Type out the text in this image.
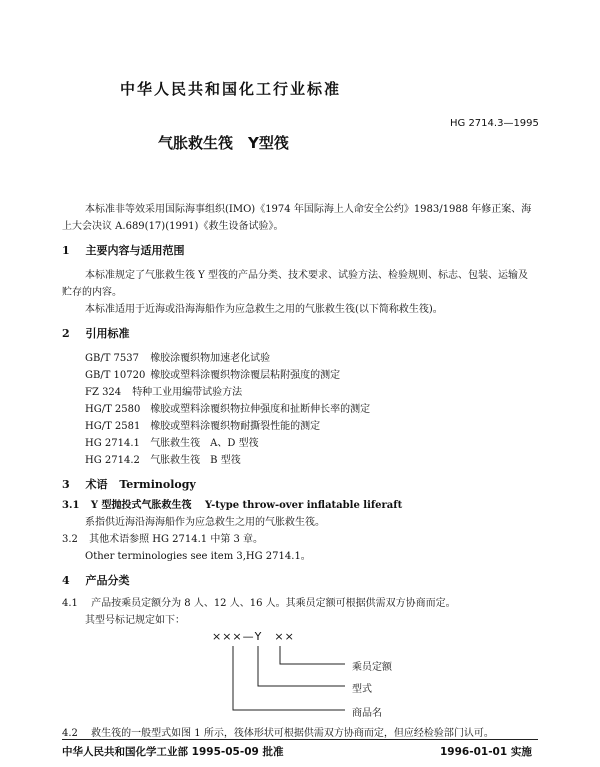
中华人民共和国化工行业标准
HG 2714.3—1995
气胀救生筏　Y型筏
本标准非等效采用国际海事组织(IMO)《1974 年国际海上人命安全公约》1983/1988 年修正案、海
上大会决议 A.689(17)(1991)《救生设备试验》。
1 主要内容与适用范围
本标准规定了气胀救生筏 Y 型筏的产品分类、技术要求、试验方法、检验规则、标志、包装、运输及
贮存的内容。
本标准适用于近海或沿海海船作为应急救生之用的气胀救生筏(以下简称救生筏)。
2 引用标准
GB/T 7537 橡胶涂覆织物加速老化试验
GB/T 10720 橡胶或塑料涂覆织物涂覆层粘附强度的测定
FZ 324 特种工业用编带试验方法
HG/T 2580 橡胶或塑料涂覆织物拉伸强度和扯断伸长率的测定
HG/T 2581 橡胶或塑料涂覆织物耐撕裂性能的测定
HG 2714.1 气胀救生筏　A、D 型筏
HG 2714.2 气胀救生筏　B 型筏
3 术语 Terminology
3.1 Y 型抛投式气胀救生筏 Y-type throw-over inflatable liferaft
系指供近海沿海海船作为应急救生之用的气胀救生筏。
3.2 其他术语参照 HG 2714.1 中第 3 章。
Other terminologies see item 3,HG 2714.1。
4 产品分类
4.1 产品按乘员定额分为 8 人、12 人、16 人。其乘员定额可根据供需双方协商而定。
其型号标记规定如下：
×××—Y　××
乘员定额
型式
商品名
4.2 救生筏的一般型式如图 1 所示，筏体形状可根据供需双方协商而定，但应经检验部门认可。
中华人民共和国化学工业部 1995-05-09 批准	1996-01-01 实施
